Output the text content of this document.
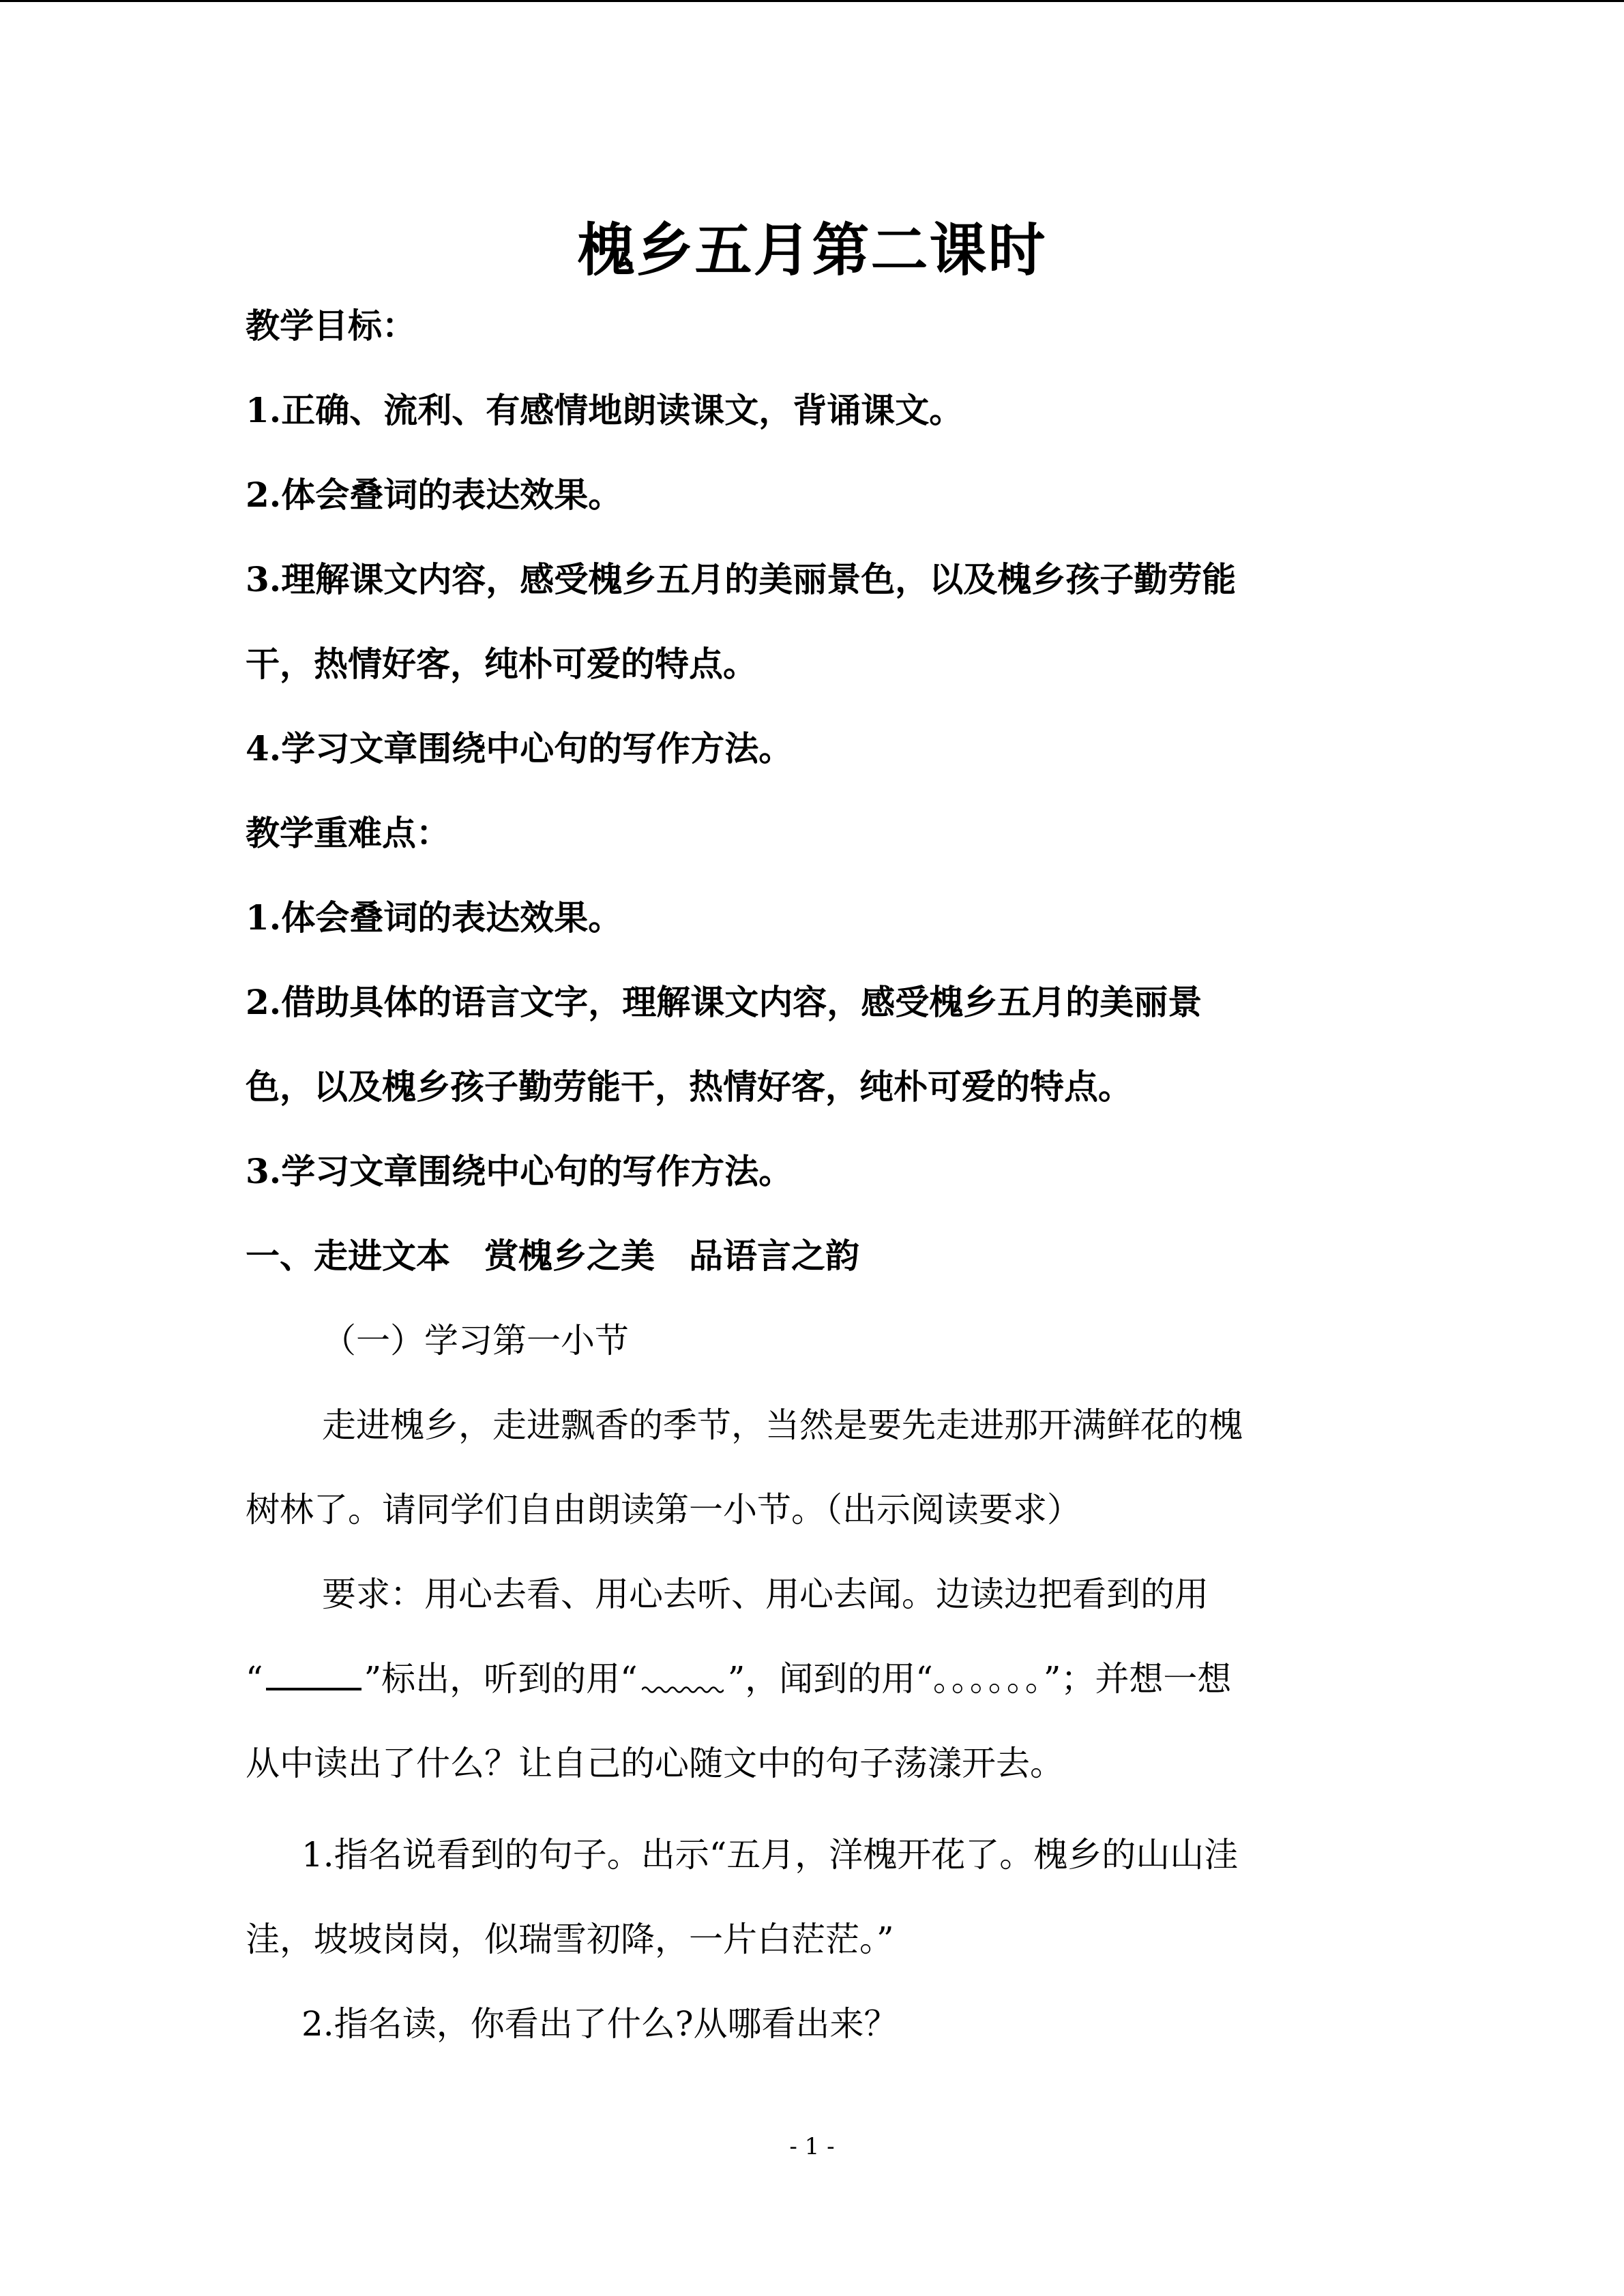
槐乡五月第二课时
教学目标：
1.正确、流利、有感情地朗读课文，背诵课文。
2.体会叠词的表达效果。
3.理解课文内容，感受槐乡五月的美丽景色，以及槐乡孩子勤劳能
干，热情好客，纯朴可爱的特点。
4.学习文章围绕中心句的写作方法。
教学重难点：
1.体会叠词的表达效果。
2.借助具体的语言文字，理解课文内容，感受槐乡五月的美丽景
色，以及槐乡孩子勤劳能干，热情好客，纯朴可爱的特点。
3.学习文章围绕中心句的写作方法。
一、走进文本　赏槐乡之美　品语言之韵
（一）学习第一小节
走进槐乡，走进飘香的季节，当然是要先走进那开满鲜花的槐
树林了。请同学们自由朗读第一小节。（出示阅读要求）
要求：用心去看、用心去听、用心去闻。边读边把看到的用
“	”标出，听到的用“	”，闻到的用“。。。。。。”；并想一想
从中读出了什么？让自己的心随文中的句子荡漾开去。
1.指名说看到的句子。出示“五月，洋槐开花了。槐乡的山山洼
洼，坡坡岗岗，似瑞雪初降，一片白茫茫。”
2.指名读，你看出了什么?从哪看出来？
- 1 -
